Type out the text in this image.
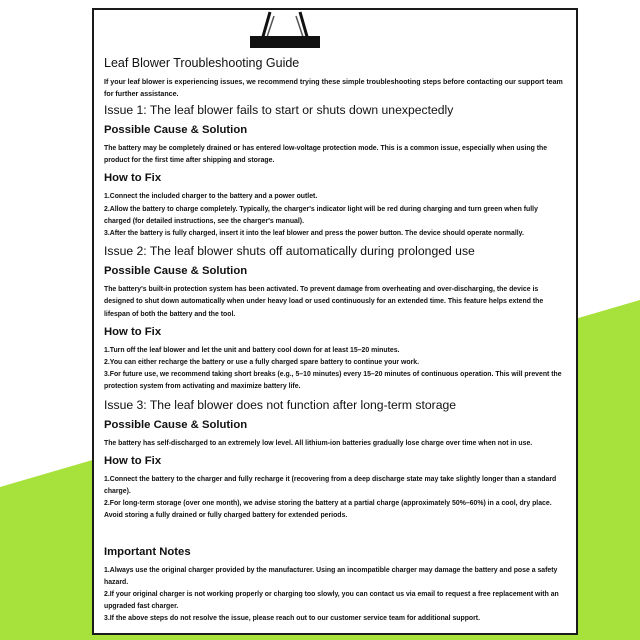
Leaf Blower Troubleshooting Guide
If your leaf blower is experiencing issues, we recommend trying these simple troubleshooting steps before contacting our support team for further assistance.
Issue 1: The leaf blower fails to start or shuts down unexpectedly
Possible Cause & Solution

The battery may be completely drained or has entered low-voltage protection mode. This is a common issue, especially when using the product for the first time after shipping and storage.

How to Fix

1.Connect the included charger to the battery and a power outlet.

2.Allow the battery to charge completely. Typically, the charger's indicator light will be red during charging and turn green when fully charged (for detailed instructions, see the charger's manual).

3.After the battery is fully charged, insert it into the leaf blower and press the power button. The device should operate normally.

Issue 2: The leaf blower shuts off automatically during prolonged use
Possible Cause & Solution

The battery's built-in protection system has been activated. To prevent damage from overheating and over-discharging, the device is designed to shut down automatically when under heavy load or used continuously for an extended time. This feature helps extend the lifespan of both the battery and the tool.

How to Fix

1.Turn off the leaf blower and let the unit and battery cool down for at least 15–20 minutes.

2.You can either recharge the battery or use a fully charged spare battery to continue your work.

3.For future use, we recommend taking short breaks (e.g., 5–10 minutes) every 15–20 minutes of continuous operation. This will prevent the protection system from activating and maximize battery life.

Issue 3: The leaf blower does not function after long-term storage
Possible Cause & Solution

The battery has self-discharged to an extremely low level. All lithium-ion batteries gradually lose charge over time when not in use.

How to Fix

1.Connect the battery to the charger and fully recharge it (recovering from a deep discharge state may take slightly longer than a standard charge).

2.For long-term storage (over one month), we advise storing the battery at a partial charge (approximately 50%–60%) in a cool, dry place. Avoid storing a fully drained or fully charged battery for extended periods.

Important Notes

1.Always use the original charger provided by the manufacturer. Using an incompatible charger may damage the battery and pose a safety hazard.

2.If your original charger is not working properly or charging too slowly, you can contact us via email to request a free replacement with an upgraded fast charger.

3.If the above steps do not resolve the issue, please reach out to our customer service team for additional support.
